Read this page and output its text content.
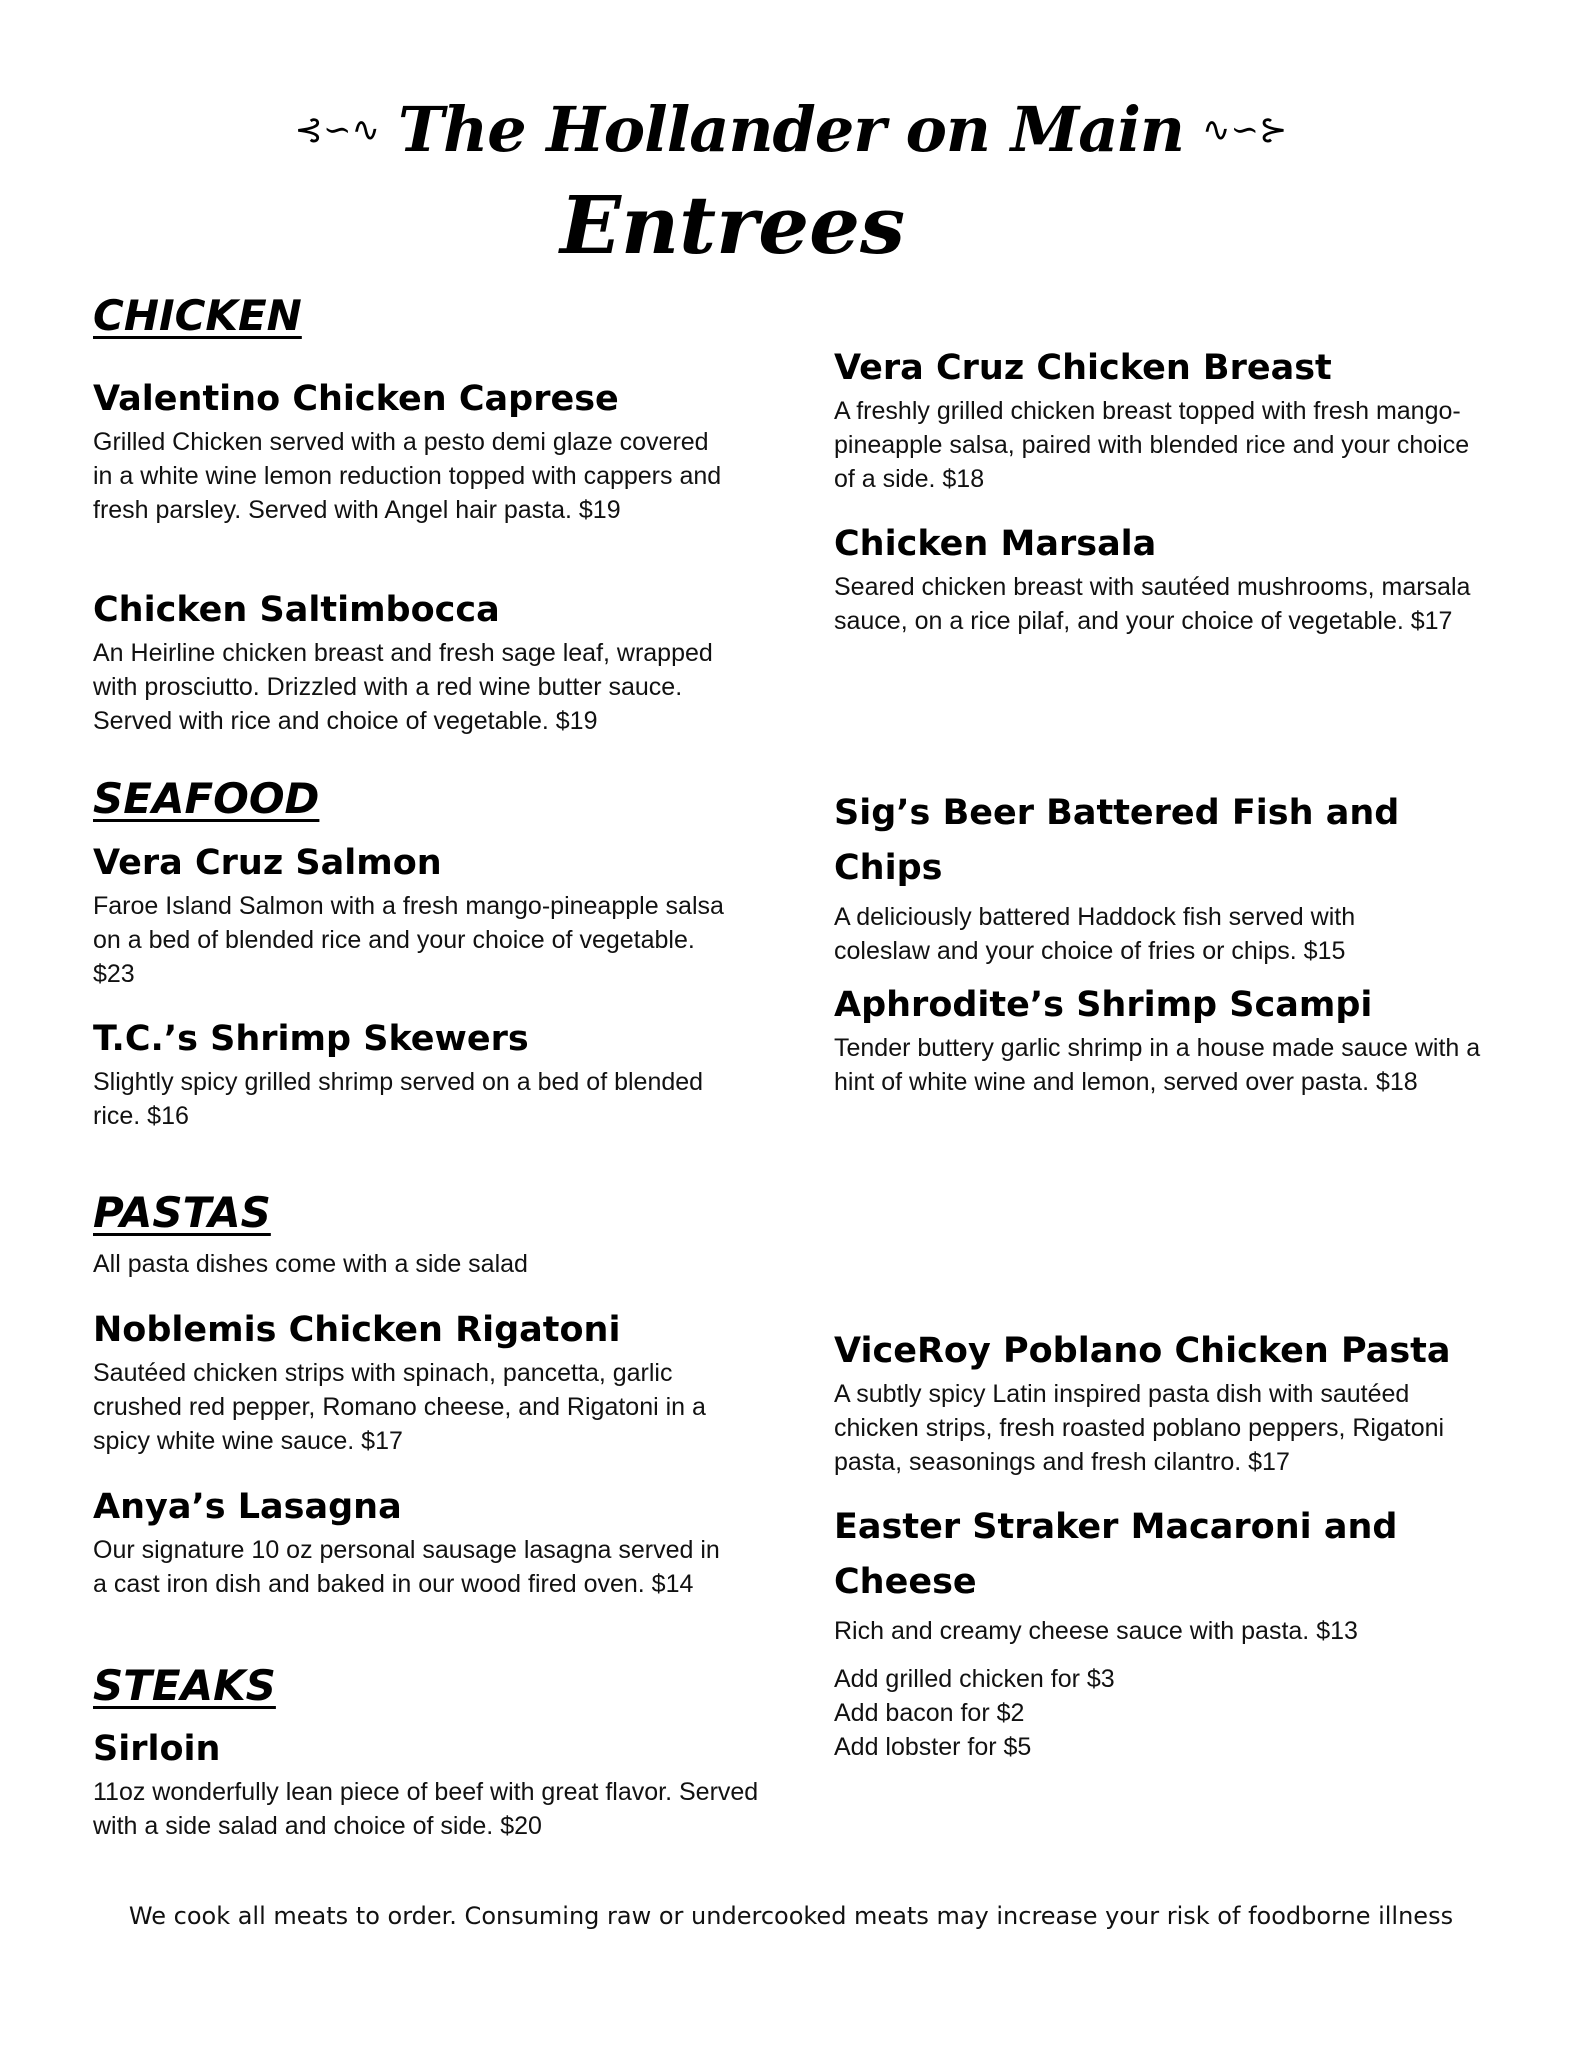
⊰∽∿ The Hollander on Main ∿∽⊱
Entrees
CHICKEN
Valentino Chicken Caprese

Grilled Chicken served with a pesto demi glaze covered in a white wine lemon reduction topped with cappers and fresh parsley. Served with Angel hair pasta. $19

Chicken Saltimbocca

An Heirline chicken breast and fresh sage leaf, wrapped with prosciutto. Drizzled with a red wine butter sauce. Served with rice and choice of vegetable. $19

Vera Cruz Chicken Breast

A freshly grilled chicken breast topped with fresh mango-pineapple salsa, paired with blended rice and your choice of a side. $18

Chicken Marsala

Seared chicken breast with sautéed mushrooms, marsala sauce, on a rice pilaf, and your choice of vegetable. $17

SEAFOOD
Vera Cruz Salmon

Faroe Island Salmon with a fresh mango-pineapple salsa on a bed of blended rice and your choice of vegetable. $23

T.C.’s Shrimp Skewers

Slightly spicy grilled shrimp served on a bed of blended rice. $16

Sig’s Beer Battered Fish and Chips

A deliciously battered Haddock fish served with coleslaw and your choice of fries or chips. $15

Aphrodite’s Shrimp Scampi

Tender buttery garlic shrimp in a house made sauce with a hint of white wine and lemon, served over pasta. $18

PASTAS

All pasta dishes come with a side salad

Noblemis Chicken Rigatoni

Sautéed chicken strips with spinach, pancetta, garlic crushed red pepper, Romano cheese, and Rigatoni in a spicy white wine sauce. $17

Anya’s Lasagna

Our signature 10 oz personal sausage lasagna served in a cast iron dish and baked in our wood fired oven. $14

ViceRoy Poblano Chicken Pasta

A subtly spicy Latin inspired pasta dish with sautéed chicken strips, fresh roasted poblano peppers, Rigatoni pasta, seasonings and fresh cilantro. $17

Easter Straker Macaroni and Cheese

Rich and creamy cheese sauce with pasta. $13

Add grilled chicken for $3
Add bacon for $2
Add lobster for $5
STEAKS
Sirloin

11oz wonderfully lean piece of beef with great flavor. Served with a side salad and choice of side. $20

We cook all meats to order. Consuming raw or undercooked meats may increase your risk of foodborne illness
